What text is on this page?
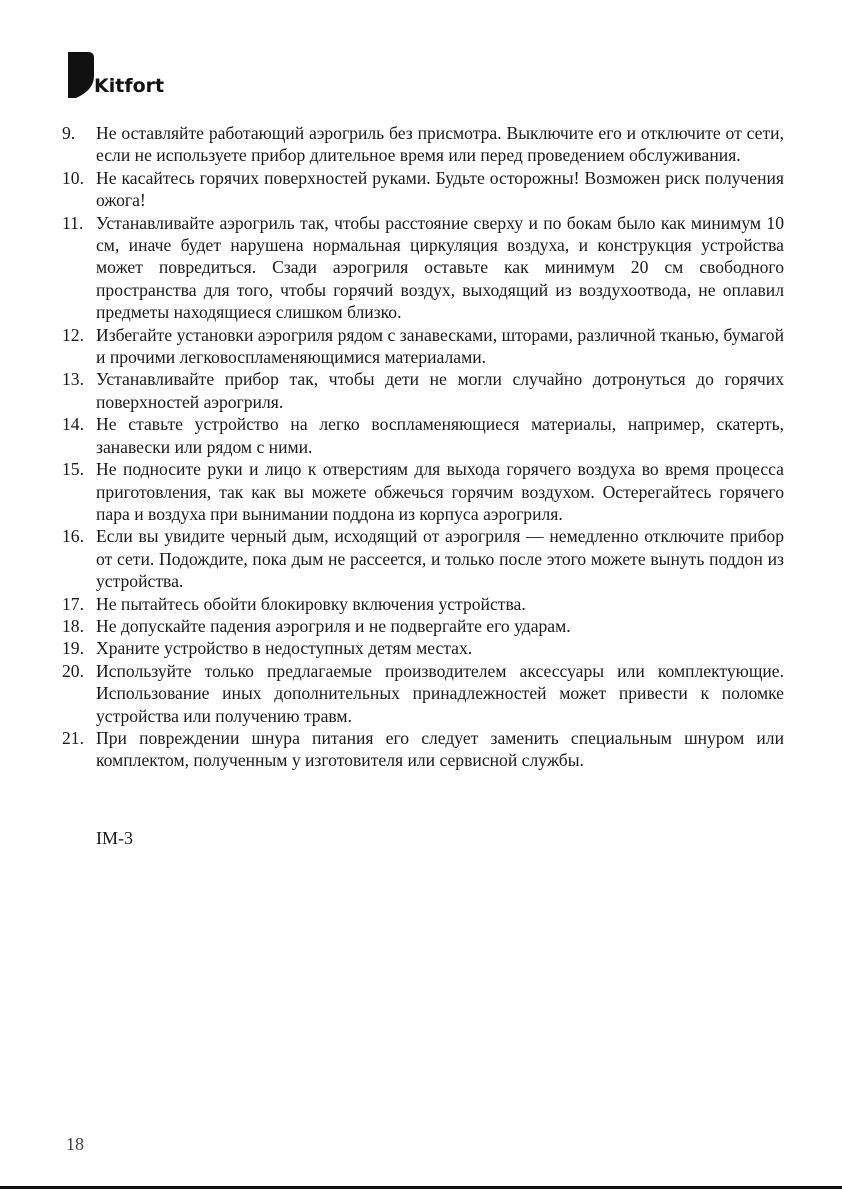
Kitfort
9.	Не оставляйте работающий аэрогриль без присмотра. Выключите его и отключите от сети, если не используете прибор длительное время или перед проведением обслуживания.
10. Не касайтесь горячих поверхностей руками. Будьте осторожны! Возможен риск получения ожога!
11. Устанавливайте аэрогриль так, чтобы расстояние сверху и по бокам было как минимум 10 см, иначе будет нарушена нормальная циркуляция воздуха, и конструкция устройства может повредиться. Сзади аэрогриля оставьте как минимум 20 см свободного пространства для того, чтобы горячий воздух, выходящий из воздухоотвода, не оплавил предметы находящиеся слишком близко.
12. Избегайте установки аэрогриля рядом с занавесками, шторами, различной тканью, бумагой и прочими легковоспламеняющимися материалами.
13. Устанавливайте прибор так, чтобы дети не могли случайно дотронуться до горячих поверхностей аэрогриля.
14. Не ставьте устройство на легко воспламеняющиеся материалы, например, скатерть, занавески или рядом с ними.
15. Не подносите руки и лицо к отверстиям для выхода горячего воздуха во время процесса приготовления, так как вы можете обжечься горячим воздухом. Остерегайтесь горячего пара и воздуха при вынимании поддона из корпуса аэрогриля.
16. Если вы увидите черный дым, исходящий от аэрогриля — немедленно отключите прибор от сети. Подождите, пока дым не рассеется, и только после этого можете вынуть поддон из устройства.
17. Не пытайтесь обойти блокировку включения устройства.
18. Не допускайте падения аэрогриля и не подвергайте его ударам.
19. Храните устройство в недоступных детям местах.
20. Используйте только предлагаемые производителем аксессуары или комплектующие. Использование иных дополнительных принадлежностей может привести к поломке устройства или получению травм.
21. При повреждении шнура питания его следует заменить специальным шнуром или комплектом, полученным у изготовителя или сервисной службы.
IM-3
18
